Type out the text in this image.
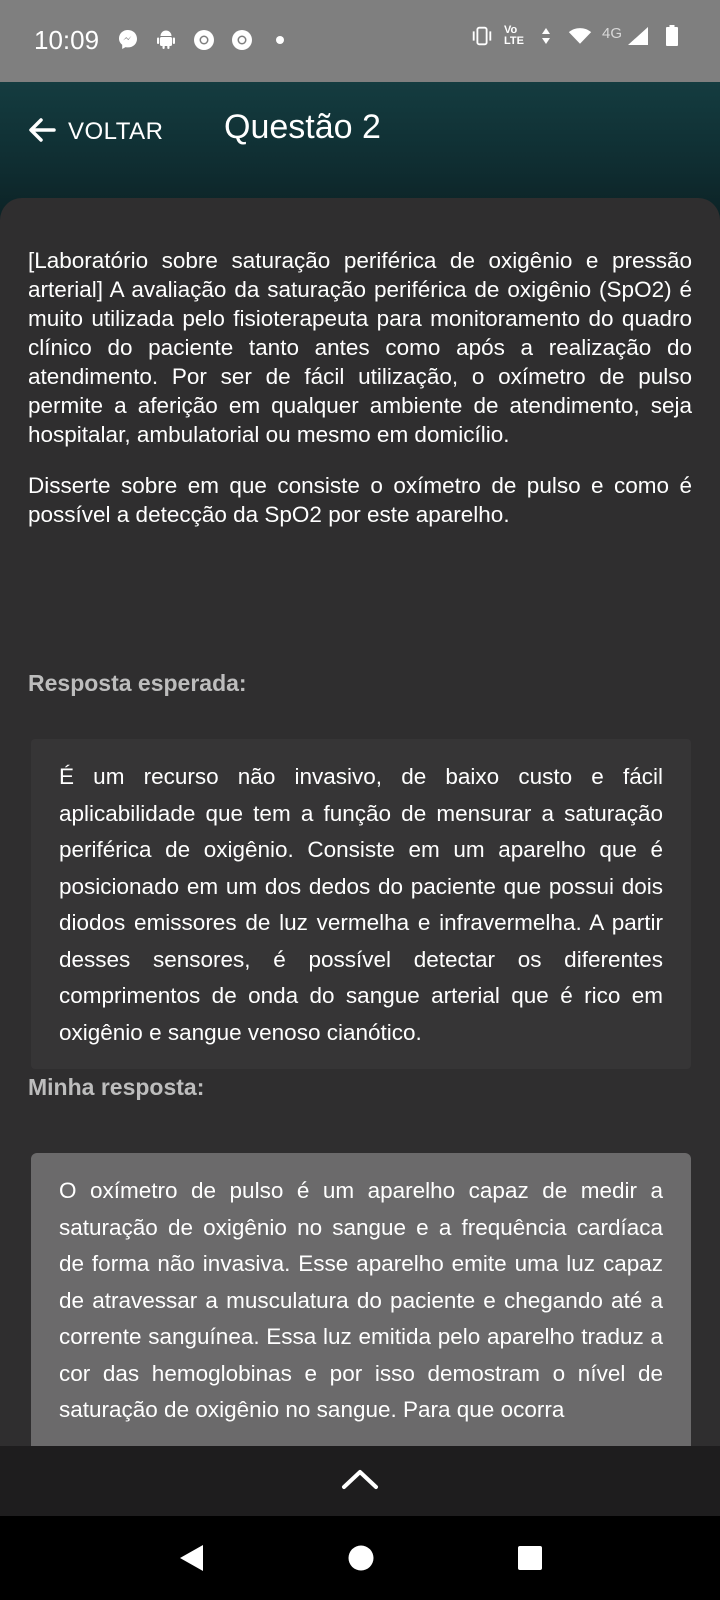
10:09	Vo
LTE	4G
VOLTAR Questão 2

[Laboratório sobre saturação periférica de oxigênio e pressão arterial] A avaliação da saturação periférica de oxigênio (SpO2) é muito utilizada pelo fisioterapeuta para monitoramento do quadro clínico do paciente tanto antes como após a realização do atendimento. Por ser de fácil utilização, o oxímetro de pulso permite a aferição em qualquer ambiente de atendimento, seja hospitalar, ambulatorial ou mesmo em domicílio.

Disserte sobre em que consiste o oxímetro de pulso e como é possível a detecção da SpO2 por este aparelho.

Resposta esperada:
É um recurso não invasivo, de baixo custo e fácil aplicabilidade que tem a função de mensurar a saturação periférica de oxigênio. Consiste em um aparelho que é posicionado em um dos dedos do paciente que possui dois diodos emissores de luz vermelha e infravermelha. A partir desses sensores, é possível detectar os diferentes comprimentos de onda do sangue arterial que é rico em oxigênio e sangue venoso cianótico.
Minha resposta:
O oxímetro de pulso é um aparelho capaz de medir a saturação de oxigênio no sangue e a frequência cardíaca de forma não invasiva. Esse aparelho emite uma luz capaz de atravessar a musculatura do paciente e chegando até a corrente sanguínea. Essa luz emitida pelo aparelho traduz a cor das hemoglobinas e por isso demostram o nível de saturação de oxigênio no sangue. Para que ocorra
